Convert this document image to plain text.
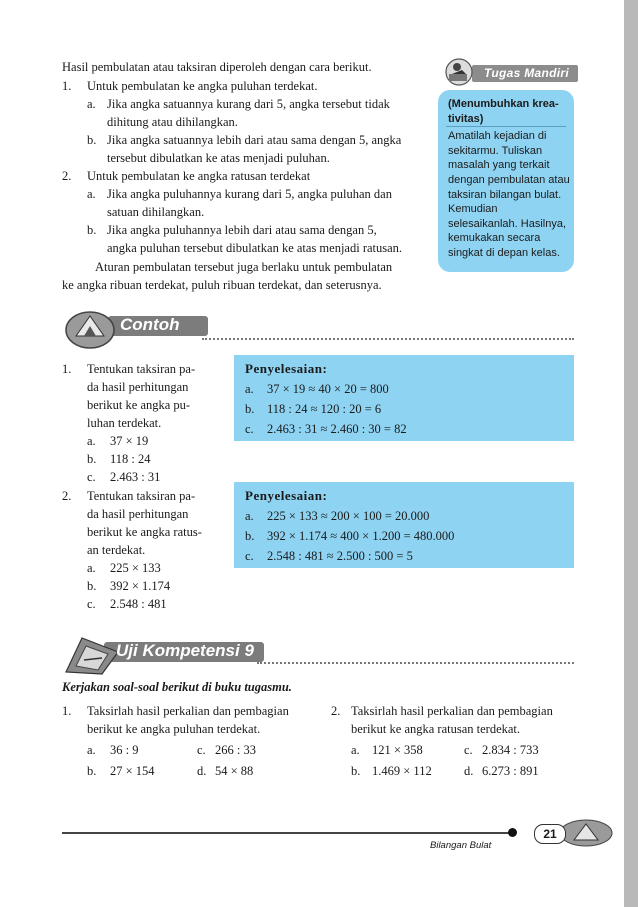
Hasil pembulatan atau taksiran diperoleh dengan cara berikut.
1. Untuk pembulatan ke angka puluhan terdekat.
a. Jika angka satuannya kurang dari 5, angka tersebut tidak
dihitung atau dihilangkan.
b. Jika angka satuannya lebih dari atau sama dengan 5, angka
tersebut dibulatkan ke atas menjadi puluhan.
2. Untuk pembulatan ke angka ratusan terdekat
a. Jika angka puluhannya kurang dari 5, angka puluhan dan
satuan dihilangkan.
b. Jika angka puluhannya lebih dari atau sama dengan 5,
angka puluhan tersebut dibulatkan ke atas menjadi ratusan.
Aturan pembulatan tersebut juga berlaku untuk pembulatan
ke angka ribuan terdekat, puluh ribuan terdekat, dan seterusnya.
Tugas Mandiri
(Menumbuhkan krea- tivitas)
Amatilah kejadian di sekitarmu. Tuliskan masalah yang terkait dengan pembulatan atau taksiran bilangan bulat. Kemudian selesaikanlah. Hasilnya, kemukakan secara singkat di depan kelas.
Contoh
1. Tentukan taksiran pa-
da hasil perhitungan
berikut ke angka pu-
luhan terdekat.
a. 37 × 19
b. 118 : 24
c. 2.463 : 31
Penyelesaian:
a. 37 × 19 ≈ 40 × 20 = 800
b. 118 : 24 ≈ 120 : 20 = 6
c. 2.463 : 31 ≈ 2.460 : 30 = 82
2. Tentukan taksiran pa-
da hasil perhitungan
berikut ke angka ratus-
an terdekat.
a. 225 × 133
b. 392 × 1.174
c. 2.548 : 481
Penyelesaian:
a. 225 × 133 ≈ 200 × 100 = 20.000
b. 392 × 1.174 ≈ 400 × 1.200 = 480.000
c. 2.548 : 481 ≈ 2.500 : 500 = 5
Uji Kompetensi 9
Kerjakan soal-soal berikut di buku tugasmu.
1. Taksirlah hasil perkalian dan pembagian
berikut ke angka puluhan terdekat.
a. 36 : 9	c. 266 : 33
b. 27 × 154	d. 54 × 88
2. Taksirlah hasil perkalian dan pembagian
berikut ke angka ratusan terdekat.
a. 121 × 358	c. 2.834 : 733
b. 1.469 × 112	d. 6.273 : 891
Bilangan Bulat
21
